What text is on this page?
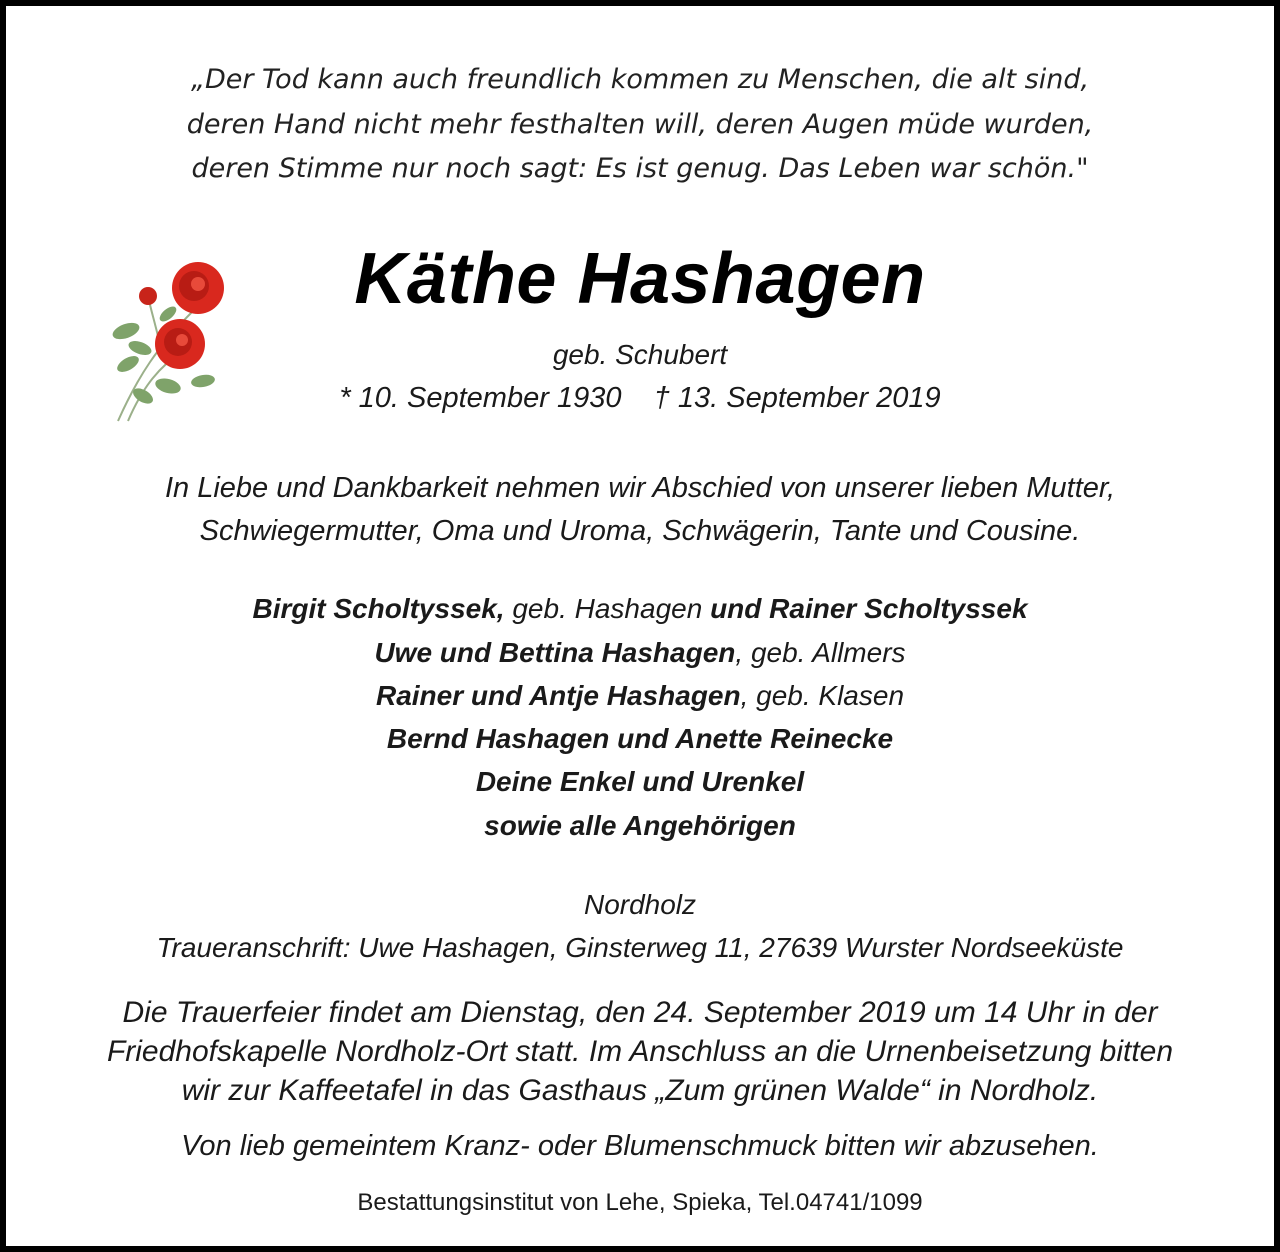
„Der Tod kann auch freundlich kommen zu Menschen, die alt sind,
deren Hand nicht mehr festhalten will, deren Augen müde wurden,
deren Stimme nur noch sagt: Es ist genug. Das Leben war schön."
Käthe Hashagen
geb. Schubert
* 10. September 1930 † 13. September 2019
In Liebe und Dankbarkeit nehmen wir Abschied von unserer lieben Mutter,
Schwiegermutter, Oma und Uroma, Schwägerin, Tante und Cousine.
Birgit Scholtyssek, geb. Hashagen und Rainer Scholtyssek
Uwe und Bettina Hashagen, geb. Allmers
Rainer und Antje Hashagen, geb. Klasen
Bernd Hashagen und Anette Reinecke
Deine Enkel und Urenkel
sowie alle Angehörigen
Nordholz
Traueranschrift: Uwe Hashagen, Ginsterweg 11, 27639 Wurster Nordseeküste
Die Trauerfeier findet am Dienstag, den 24. September 2019 um 14 Uhr in der
Friedhofskapelle Nordholz-Ort statt. Im Anschluss an die Urnenbeisetzung bitten
wir zur Kaffeetafel in das Gasthaus „Zum grünen Walde“ in Nordholz.
Von lieb gemeintem Kranz- oder Blumenschmuck bitten wir abzusehen.
Bestattungsinstitut von Lehe, Spieka, Tel.04741/1099
